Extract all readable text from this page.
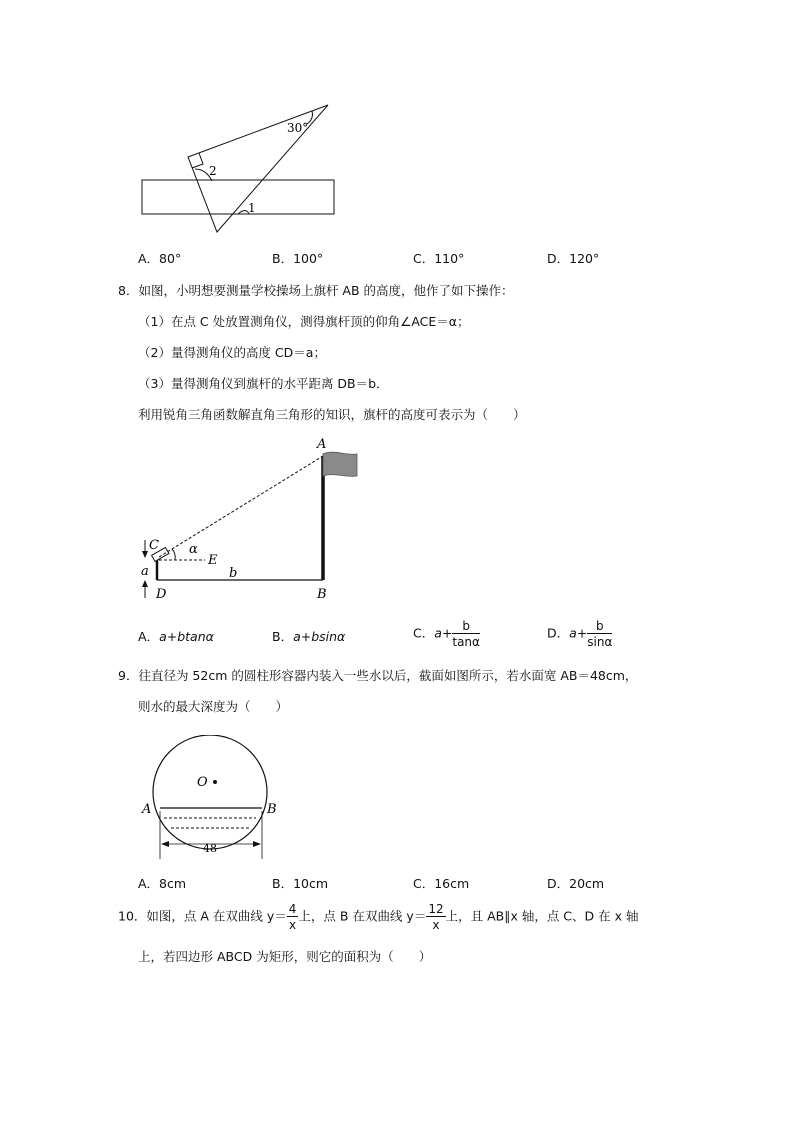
30°
2
1
A．80°	B．100°	C．110°	D．120°
8．如图，小明想要测量学校操场上旗杆 AB 的高度，他作了如下操作：
（1）在点 C 处放置测角仪，测得旗杆顶的仰角∠ACE＝α；
（2）量得测角仪的高度 CD＝a；
（3）量得测角仪到旗杆的水平距离 DB＝b．
利用锐角三角函数解直角三角形的知识，旗杆的高度可表示为（　　）
A
B
C
D
E
α
a	b
A．a+btanα	B．a+bsinα	C．$a+ \frac{b}{\tan\alpha}$	D．$a+ \frac{b}{\sin\alpha}$
9．往直径为 52cm 的圆柱形容器内装入一些水以后，截面如图所示，若水面宽 AB＝48cm，
则水的最大深度为（　　）
O
A	B
48
A．8cm	B．10cm	C．16cm	D．20cm
10．如图，点 A 在双曲线 $y= \frac{4}{x}$ 上，点 B 在双曲线 $y= \frac{12}{x}$ 上，且 AB∥x 轴，点 C、D 在 x 轴
上，若四边形 ABCD 为矩形，则它的面积为（　　）
